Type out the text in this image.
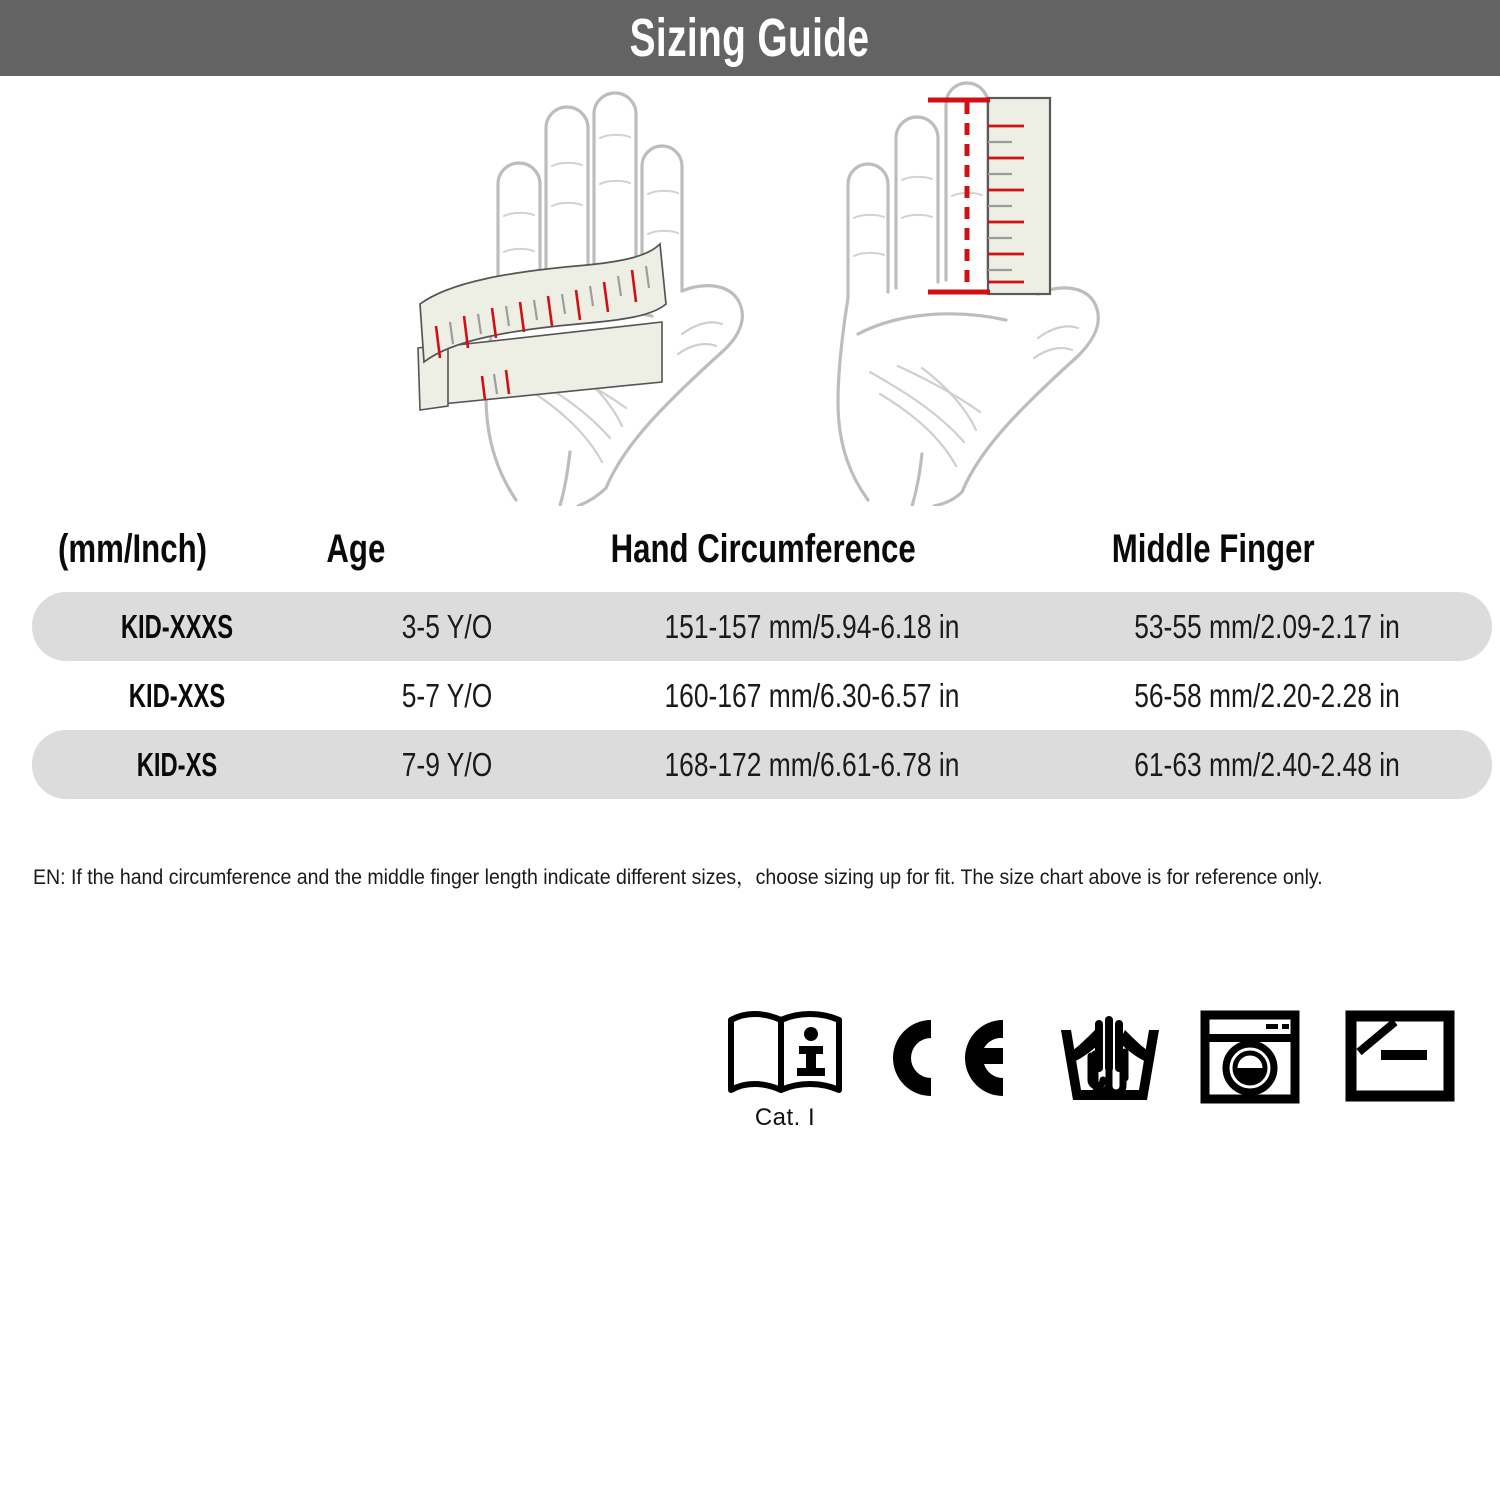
Sizing Guide
(mm/Inch)	Age	Hand Circumference	Middle Finger
KID-XXXS	3-5 Y/O	151-157 mm/5.94-6.18 in	53-55 mm/2.09-2.17 in
KID-XXS	5-7 Y/O	160-167 mm/6.30-6.57 in	56-58 mm/2.20-2.28 in
KID-XS	7-9 Y/O	168-172 mm/6.61-6.78 in	61-63 mm/2.40-2.48 in
EN: If the hand circumference and the middle finger length indicate different sizes，choose sizing up for fit. The size chart above is for reference only.
Cat. I
